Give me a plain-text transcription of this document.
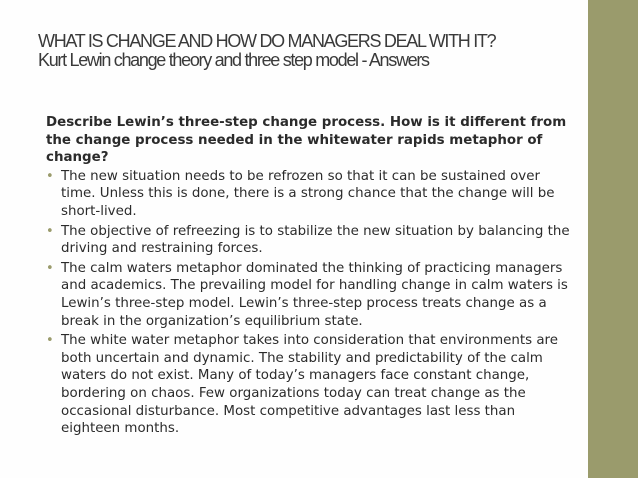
WHAT IS CHANGE AND HOW DO MANAGERS DEAL WITH IT?
Kurt Lewin change theory and three step model - Answers
Describe Lewin’s three-step change process. How is it different from the change process needed in the whitewater rapids metaphor of change?
• The new situation needs to be refrozen so that it can be sustained over time. Unless this is done, there is a strong chance that the change will be short-lived.
• The objective of refreezing is to stabilize the new situation by balancing the driving and restraining forces.
• The calm waters metaphor dominated the thinking of practicing managers and academics. The prevailing model for handling change in calm waters is Lewin’s three-step model. Lewin’s three-step process treats change as a break in the organization’s equilibrium state.
• The white water metaphor takes into consideration that environments are both uncertain and dynamic. The stability and predictability of the calm waters do not exist. Many of today’s managers face constant change, bordering on chaos. Few organizations today can treat change as the occasional disturbance. Most competitive advantages last less than eighteen months.
